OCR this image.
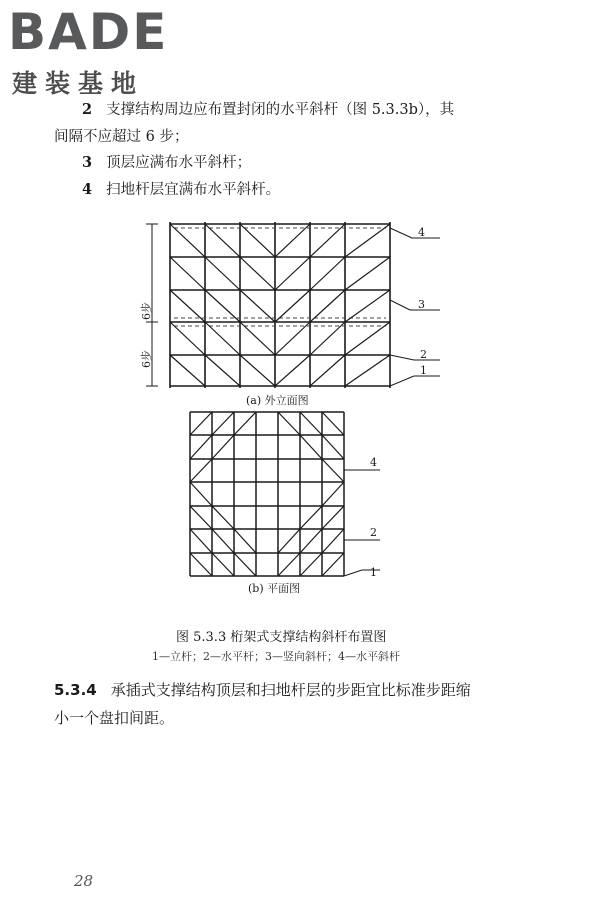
BADE
建装基地
2 支撑结构周边应布置封闭的水平斜杆（图 5.3.3b），其
间隔不应超过 6 步；
3 顶层应满布水平斜杆；
4 扫地杆层宜满布水平斜杆。
6步
6步
4
3
2
1
(a) 外立面图
4
2
1
(b) 平面图
图 5.3.3 桁架式支撑结构斜杆布置图
1—立杆；2—水平杆；3—竖向斜杆；4—水平斜杆
5.3.4 承插式支撑结构顶层和扫地杆层的步距宜比标准步距缩
小一个盘扣间距。
28
